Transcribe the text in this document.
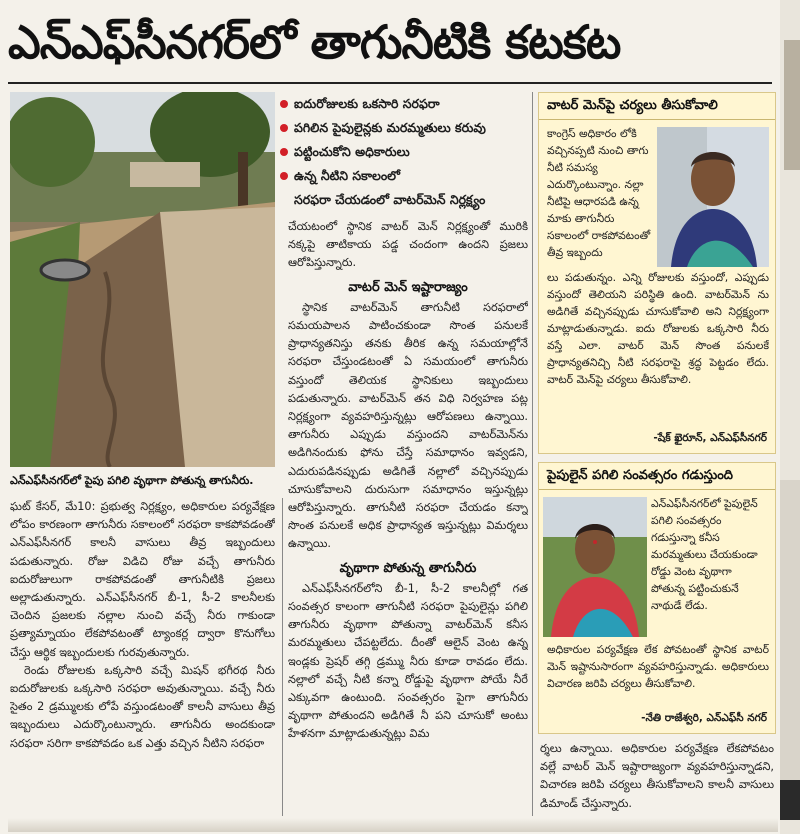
ఎన్‌ఎఫ్‌సీనగర్‌లో తాగునీటికి కటకట
ఎన్‌ఎఫ్‌సీనగర్‌లో పైపు పగిలి వృథాగా పోతున్న తాగునీరు.
ఐదురోజులకు ఒకసారి సరఫరా
పగిలిన పైపులైన్లకు మరమ్మతులు కరువు
పట్టించుకోని అధికారులు
ఉన్న నీటిని సకాలంలో
సరఫరా చేయడంలో వాటర్‌మెన్ నిర్లక్ష్యం

ఘట్ కేసర్, మే10: ప్రభుత్వ నిర్లక్ష్యం, అధికారుల పర్యవేక్షణ లోపం కారణంగా తాగునీరు సకాలంలో సరఫరా కాకపోవడంతో ఎన్‌ఎఫ్‌సీనగర్ కాలనీ వాసులు తీవ్ర ఇబ్బందులు పడుతున్నారు. రోజు విడిచి రోజు వచ్చే తాగునీరు ఐదురోజులుగా రాకపోవడంతో తాగునీటికి ప్రజలు అల్లాడుతున్నారు. ఎన్‌ఎఫ్‌సీనగర్ బీ-1, సీ-2 కాలనీలకు చెందిన ప్రజలకు నల్లాల నుంచి వచ్చే నీరు గాకుండా ప్రత్యామ్నాయం లేకపోవటంతో ట్యాంకర్ల ద్వారా కొనుగోలు చేస్తు ఆర్థిక ఇబ్బందులకు గురవుతున్నారు.

రెండు రోజులకు ఒక్కసారి వచ్చే మిషన్ భగీరథ నీరు ఐదురోజులకు ఒక్కసారి సరఫరా అవుతున్నాయి. వచ్చే నీరు సైతం 2 డ్రమ్ములకు లోపే వస్తుండటంతో కాలనీ వాసులు తీవ్ర ఇబ్బందులు ఎదుర్కొంటున్నారు. తాగునీరు అందకుండా సరఫరా సరిగా కాకపోవడం ఒక ఎత్తు వచ్చిన నీటిని సరఫరా

చేయటంలో స్థానిక వాటర్ మెన్ నిర్లక్ష్యంతో మురికి నక్కపై తాటికాయ పడ్డ చందంగా ఉందని ప్రజలు ఆరోపిస్తున్నారు.

వాటర్ మెన్ ఇష్టారాజ్యం

స్థానిక వాటర్‌మెన్ తాగునీటి సరఫరాలో సమయపాలన పాటించకుండా సొంత పనులకే ప్రాధాన్యతనిస్తు తనకు తీరిక ఉన్న సమయాల్లోనే సరఫరా చేస్తుండటంతో ఏ సమయంలో తాగునీరు వస్తుందో తెలియక స్థానికులు ఇబ్బందులు పడుతున్నారు. వాటర్‌మెన్ తన విధి నిర్వహణ పట్ల నిర్లక్ష్యంగా వ్యవహరిస్తున్నట్లు ఆరోపణలు ఉన్నాయి. తాగునీరు ఎప్పుడు వస్తుందని వాటర్‌మెన్‌ను అడిగినందుకు ఫోను చేస్తే సమాధానం ఇవ్వడని, ఎదురుపడినప్పుడు అడిగితే నల్లాలో వచ్చినప్పుడు చూసుకోవాలని దురుసుగా సమాధానం ఇస్తున్నట్లు ఆరోపిస్తున్నారు. తాగునీటి సరఫరా చేయడం కన్నా సొంత పనులకే అధిక ప్రాధాన్యత ఇస్తున్నట్లు విమర్శలు ఉన్నాయి.

వృథాగా పోతున్న తాగునీరు

ఎన్‌ఎఫ్‌సీనగర్‌లోని బీ-1, సీ-2 కాలనీల్లో గత సంవత్సర కాలంగా తాగునీటి సరఫరా పైపులైన్లు పగిలి తాగునీరు వృథాగా పోతున్నా వాటర్‌మెన్ కనీస మరమ్మతులు చేపట్టలేదు. దీంతో ఆలైన్ వెంట ఉన్న ఇండ్లకు ప్రెషర్ తగ్గి డ్రమ్ము నీరు కూడా రావడం లేదు. నల్లాలో వచ్చే నీటి కన్నా రోడ్డుపై వృథాగా పోయే నీరే ఎక్కువగా ఉంటుంది. సంవత్సరం పైగా తాగునీరు వృథాగా పోతుందని అడిగితే నీ పని చూసుకో అంటు హేళనగా మాట్లాడుతున్నట్లు విమ

వాటర్ మెన్‌పై చర్యలు తీసుకోవాలి
కాంగ్రెస్ అధికారం లోకి వచ్చినప్పటి నుంచి తాగు నీటి సమస్య ఎదుర్కొంటున్నాం. నల్లా నీటిపై ఆధారపడి ఉన్న మాకు తాగునీరు సకాలంలో రాకపోవటంతో తీవ్ర ఇబ్బందు
లు పడుతున్నం. ఎన్ని రోజులకు వస్తుందో, ఎప్పుడు వస్తుందో తెలియని పరిస్థితి ఉంది. వాటర్‌మెన్ ను అడిగితే వచ్చినప్పుడు చూసుకోవాలి అని నిర్లక్ష్యంగా మాట్లాడుతున్నాడు. ఐదు రోజులకు ఒక్కసారి నీరు వస్తే ఎలా. వాటర్ మెన్ సొంత పనులకే ప్రాధాన్యతనిచ్చి నీటి సరఫరాపై శ్రద్ధ పెట్టడం లేదు. వాటర్ మెన్‌పై చర్యలు తీసుకోవాలి.
-షేక్ ఖైరూన్, ఎన్‌ఎఫ్‌సీనగర్
పైపులైన్ పగిలి సంవత్సరం గడుస్తుంది
ఎన్‌ఎఫ్‌సీనగర్‌లో పైపులైన్ పగిలి సంవత్సరం గడుస్తున్నా కనీస మరమ్మతులు చేయకుండా రోడ్డు వెంట వృథాగా పోతున్న పట్టించుకునే నాథుడే లేడు.
అధికారుల పర్యవేక్షణ లేక పోవటంతో స్థానిక వాటర్ మెన్ ఇష్టానుసారంగా వ్యవహరిస్తున్నాడు. అధికారులు విచారణ జరిపి చర్యలు తీసుకోవాలి.
-నేతి రాజేశ్వరి, ఎన్ఎఫ్‌సీ నగర్

ర్శలు ఉన్నాయి. అధికారుల పర్యవేక్షణ లేకపోవటం వల్లే వాటర్ మెన్ ఇష్టారాజ్యంగా వ్యవహరిస్తున్నాడని, విచారణ జరిపి చర్యలు తీసుకోవాలని కాలనీ వాసులు డిమాండ్ చేస్తున్నారు.
